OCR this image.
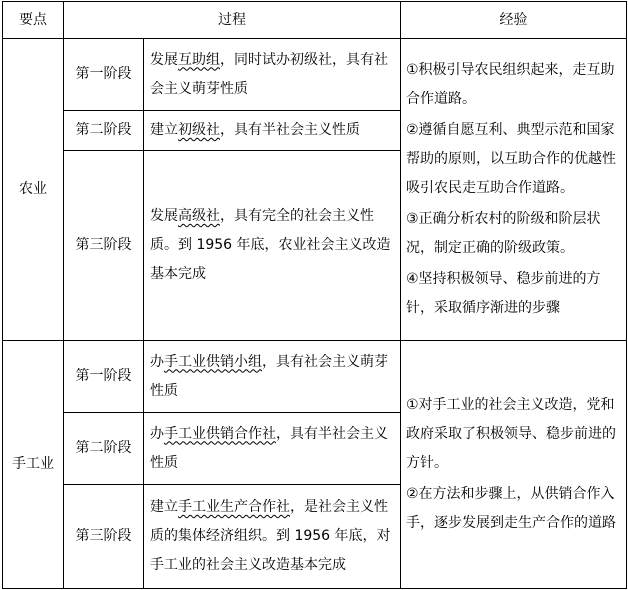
要点	过程		经验
农业	第一阶段	发展互助组，同时试办初级社，具有社会主义萌芽性质	①积极引导农民组织起来，走互助合作道路。
②遵循自愿互利、典型示范和国家帮助的原则，以互助合作的优越性吸引农民走互助合作道路。
③正确分析农村的阶级和阶层状况，制定正确的阶级政策。
④坚持积极领导、稳步前进的方针，采取循序渐进的步骤

	第二阶段	建立初级社，具有半社会主义性质	

	第三阶段	发展高级社，具有完全的社会主义性质。到 1956 年底，农业社会主义改造基本完成	

手工业	第一阶段	办手工业供销小组，具有社会主义萌芽性质	①对手工业的社会主义改造，党和政府采取了积极领导、稳步前进的方针。
②在方法和步骤上，从供销合作入手，逐步发展到走生产合作的道路

	第二阶段	办手工业供销合作社，具有半社会主义性质	

	第三阶段	建立手工业生产合作社，是社会主义性质的集体经济组织。到 1956 年底，对手工业的社会主义改造基本完成	
